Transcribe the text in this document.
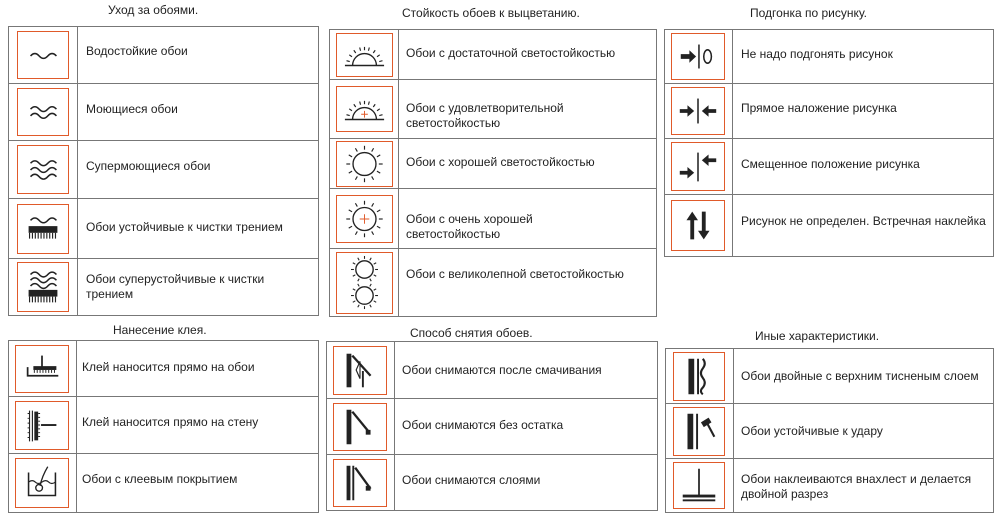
Уход за обоями.
Водостойкие обои
Моющиеся обои
Супермоющиеся обои
Обои устойчивые к чистки трением
Обои суперустойчивые к чистки трением
Стойкость обоев к выцветанию.
Обои с достаточной светостойкостью
Обои с удовлетворительной светостойкостью
Обои с хорошей светостойкостью
Обои с очень хорошей светостойкостью
Обои с великолепной светостойкостью
Подгонка по рисунку.
Не надо подгонять рисунок
Прямое наложение рисунка
Смещенное положение рисунка
Рисунок не определен. Встречная наклейка
Нанесение клея.
Клей наносится прямо на обои
Клей наносится прямо на стену
Обои с клеевым покрытием
Способ снятия обоев.
Обои снимаются после смачивания
Обои снимаются без остатка
Обои снимаются слоями
Иные характеристики.
Обои двойные с верхним тисненым слоем
Обои устойчивые к удару
Обои наклеиваются внахлест и делается двойной разрез
